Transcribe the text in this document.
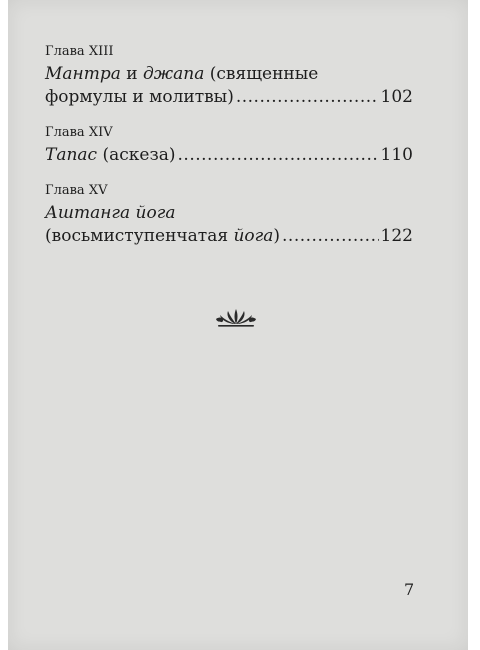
Глава XIII

Мантра и джапа (священные
формулы и молитвы) .....	102

Глава XIV

Тапас (аскеза) .....	110

Глава XV

Аштанга йога
(восьмиступенчатая йога) .....	122
7
